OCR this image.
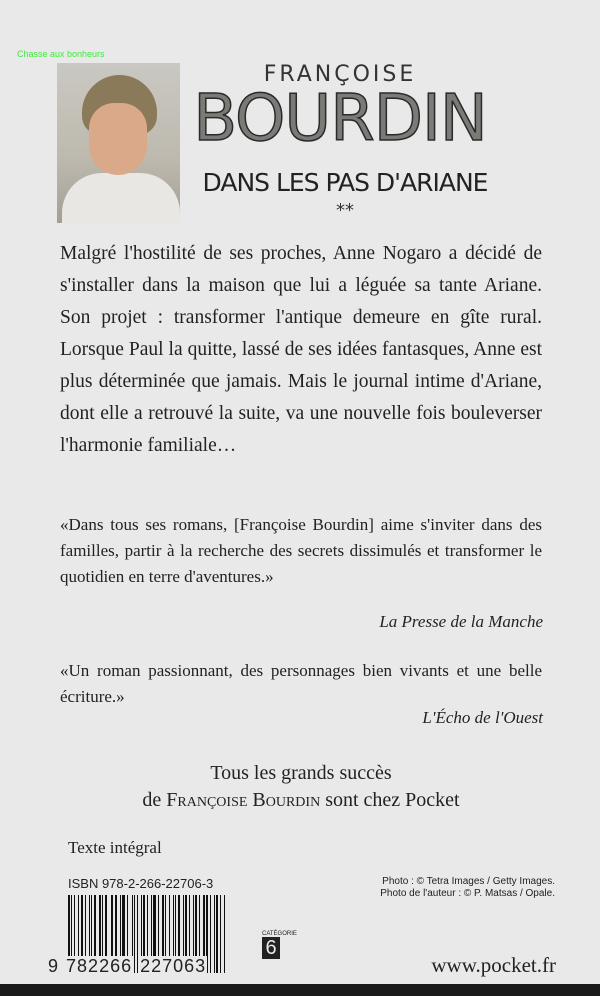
Chasse aux bonheurs
FRANÇOISE
BOURDIN
DANS LES PAS D'ARIANE
**
Malgré l'hostilité de ses proches, Anne Nogaro a décidé de s'installer dans la maison que lui a léguée sa tante Ariane. Son projet : transformer l'antique demeure en gîte rural. Lorsque Paul la quitte, lassé de ses idées fantasques, Anne est plus déterminée que jamais. Mais le journal intime d'Ariane, dont elle a retrouvé la suite, va une nouvelle fois bouleverser l'harmonie familiale…
«Dans tous ses romans, [Françoise Bourdin] aime s'inviter dans des familles, partir à la recherche des secrets dissimulés et transformer le quotidien en terre d'aventures.»
La Presse de la Manche
«Un roman passionnant, des personnages bien vivants et une belle écriture.»
L'Écho de l'Ouest
Tous les grands succès
de Françoise Bourdin sont chez Pocket
Texte intégral
ISBN 978-2-266-22706-3
9 782266 227063
CATÉGORIE
6
Photo : © Tetra Images / Getty Images.
Photo de l'auteur : © P. Matsas / Opale.
www.pocket.fr
